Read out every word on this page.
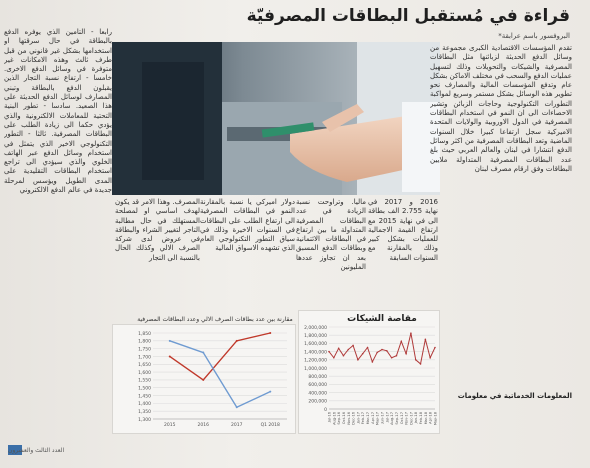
قراءة في مُستقبل البطاقات المصرفيّة
البروفسور باسم عرابقة*
تقدم المؤسسات الاقتصادية الكبرى مجموعة من وسائل الدفع الحديثة لزبائنها مثل البطاقات المصرفية والشيكات والتحويلات وذلك لتسهيل عمليات الدفع والسحب في مختلف الاماكن بشكل عام وتدفع المؤسسات المالية والمصارف نحو تطوير هذه الوسائل بشكل مستمر وسريع لمواكبة التطورات التكنولوجية وحاجات الزبائن وتشير الاحصاءات الى ان النمو في استخدام البطاقات المصرفية في الدول الاوروبية والولايات المتحدة الاميركية سجل ارتفاعا كبيرا خلال السنوات الماضية وتعد البطاقات المصرفية من اكثر وسائل الدفع انتشارا في لبنان والعالم العربي حيث بلغ عدد البطاقات المصرفية المتداولة ملايين البطاقات وفق ارقام مصرف لبنان
رابعا - التأمين الذي يوفره الدفع بالبطاقة في حال سرقتها او استخدامها بشكل غير قانوني من قبل طرف ثالث وهذه الامكانات غير متوفرة في وسائل الدفع الاخرى. خامسا - ارتفاع نسبة التجار الذين يقبلون الدفع بالبطاقة وتبني المصارف لوسائل الدفع الحديثة على هذا الصعيد. سادسا - تطور البنية التحتية للمعاملات الالكترونية والذي يؤدي حكما الى زيادة الطلب على البطاقات المصرفية. ثالثا - التطور التكنولوجي الاخير الذي يتمثل في استخدام وسائل الدفع عبر الهاتف الخلوي والذي سيؤدي الى تراجع استخدام البطاقات التقليدية على المدى الطويل ويؤسس لمرحلة جديدة في عالم الدفع الالكتروني
المصرف. وهذا الامر قد يكون لهدف اساسي او لمصلحة المستهلك في حال مطالبة التاجر لتغيير الشراء والبطاقة في عروض لدى شركة الصرف الالي وكذلك الحال بالنسبة الى التجار
دولار اميركي يا نسبة بالمقارنة النمو في البطاقات المصرفية الى ارتفاع الطلب على البطاقات في السنوات الاخيرة وذلك في سياق التطور التكنولوجي العام الذي تشهده الاسواق المالية
ماليا. وتراوحت نسبة الزيادة في عدد البطاقات المصرفية المتداولة ما بين ارتفاع في البطاقات الائتمانية وبطاقات الدفع المسبق بعد ان تجاوز عددها المليونين
2016 و 2017 في نهاية 2.755 الف بطاقة الى في نهاية 2015 مع ارتفاع القيمة الاجمالية للعمليات بشكل كبير وذلك بالمقارنة مع السنوات السابقة
المعلومات الخدماتية في معلومات
مقارنة بين عدد بطاقات الصرف الالي وعدد البطاقات المصرفية
1,300
1,350
1,400
1,450
1,500
1,550
1,600
1,650
1,700
1,750
1,800
1,850
2015	2016	2017	Q1 2018
مقاصة الشيكات
0
200,000
400,000
600,000
800,000
1,000,000
1,200,000
1,400,000
1,600,000
1,800,000
2,000,000
Jul-16 Aug-16 Sep-16 Oct-16 Nov-16 Dec-16 Jan-17 Feb-17 Mar-17 Apr-17 May-17 Jun-17 Jul-17 Aug-17 Sep-17 Oct-17 Nov-17 Dec-17 Jan-18 Feb-18 Mar-18 Apr-18 May-18
العدد الثالث والعشرون
